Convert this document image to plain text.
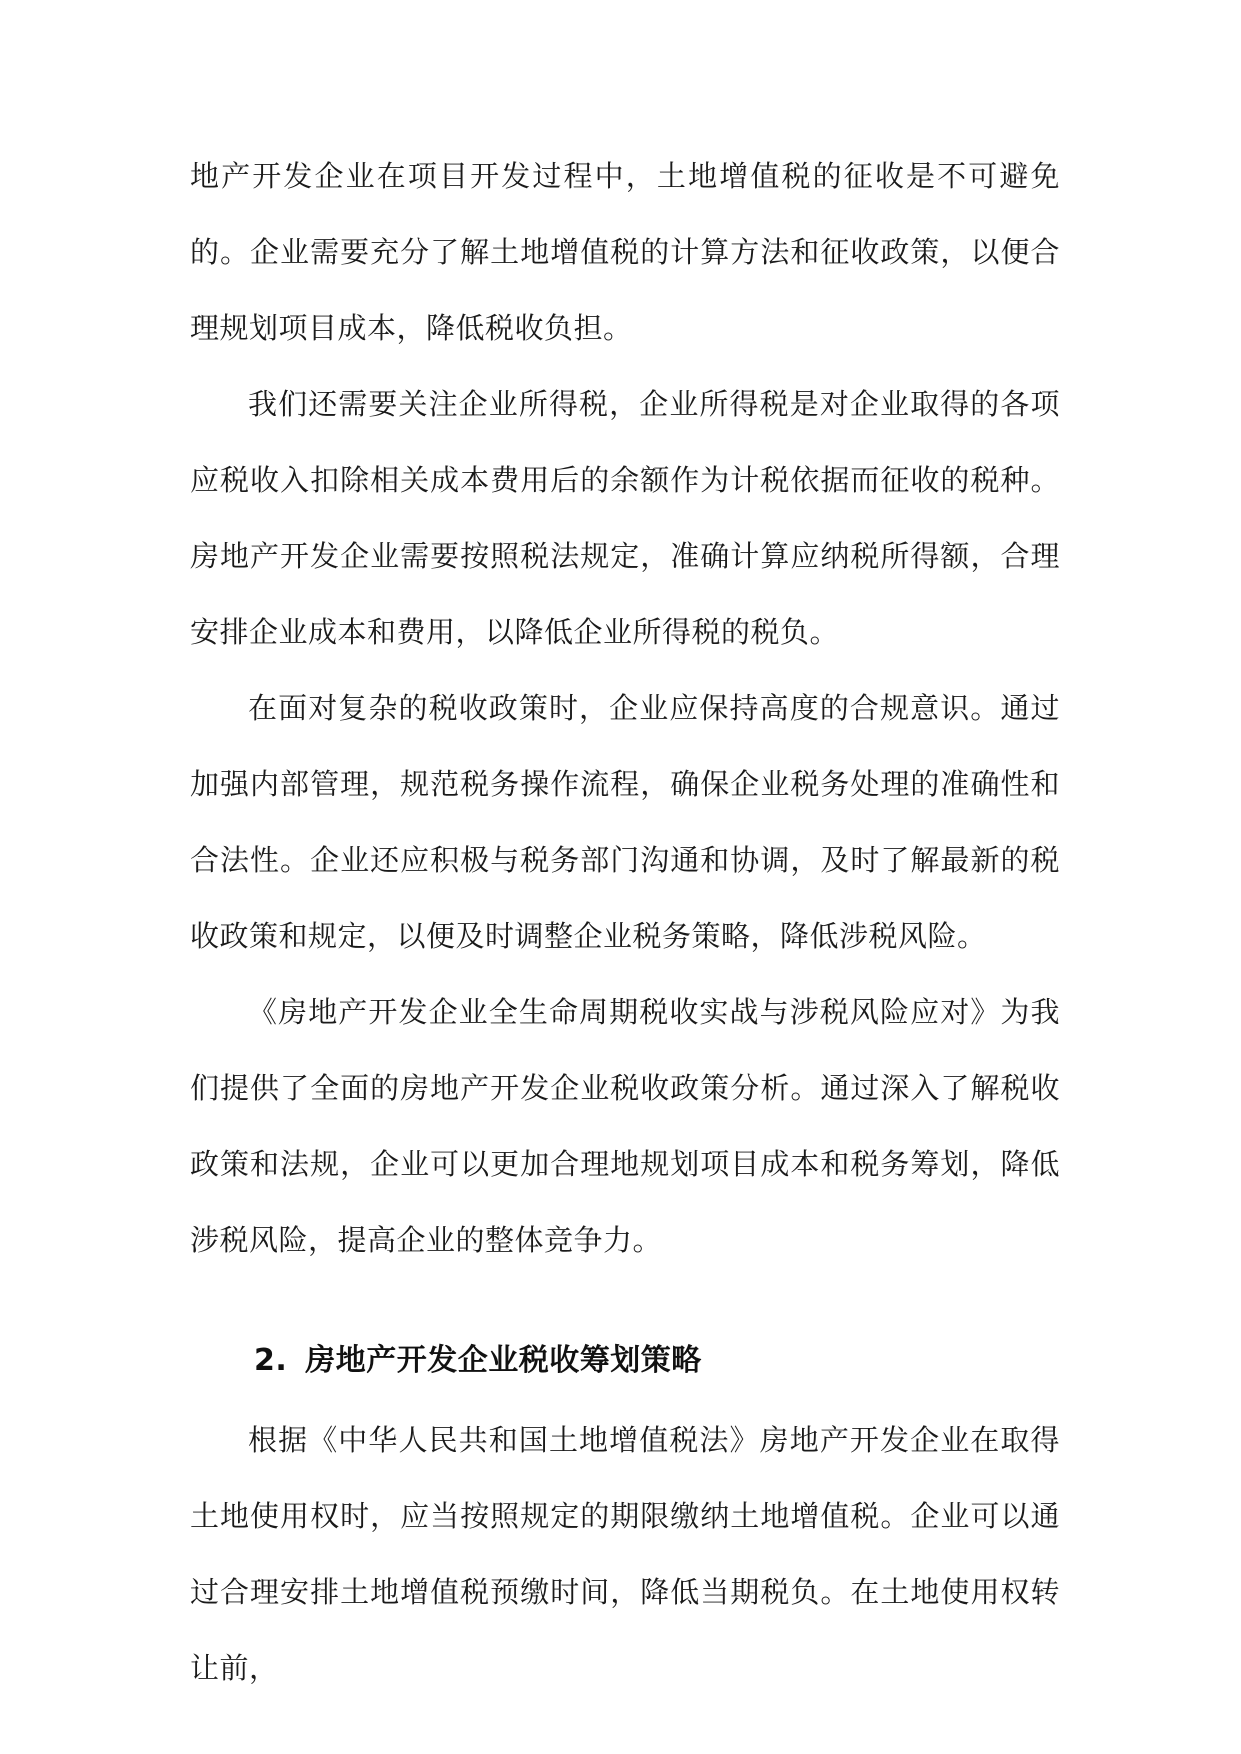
地产开发企业在项目开发过程中，土地增值税的征收是不可避免的。企业需要充分了解土地增值税的计算方法和征收政策，以便合理规划项目成本，降低税收负担。

我们还需要关注企业所得税，企业所得税是对企业取得的各项应税收入扣除相关成本费用后的余额作为计税依据而征收的税种。房地产开发企业需要按照税法规定，准确计算应纳税所得额，合理安排企业成本和费用，以降低企业所得税的税负。

在面对复杂的税收政策时，企业应保持高度的合规意识。通过加强内部管理，规范税务操作流程，确保企业税务处理的准确性和合法性。企业还应积极与税务部门沟通和协调，及时了解最新的税收政策和规定，以便及时调整企业税务策略，降低涉税风险。

《房地产开发企业全生命周期税收实战与涉税风险应对》为我们提供了全面的房地产开发企业税收政策分析。通过深入了解税收政策和法规，企业可以更加合理地规划项目成本和税务筹划，降低涉税风险，提高企业的整体竞争力。

2. 房地产开发企业税收筹划策略

根据《中华人民共和国土地增值税法》房地产开发企业在取得土地使用权时，应当按照规定的期限缴纳土地增值税。企业可以通过合理安排土地增值税预缴时间，降低当期税负。在土地使用权转让前，
